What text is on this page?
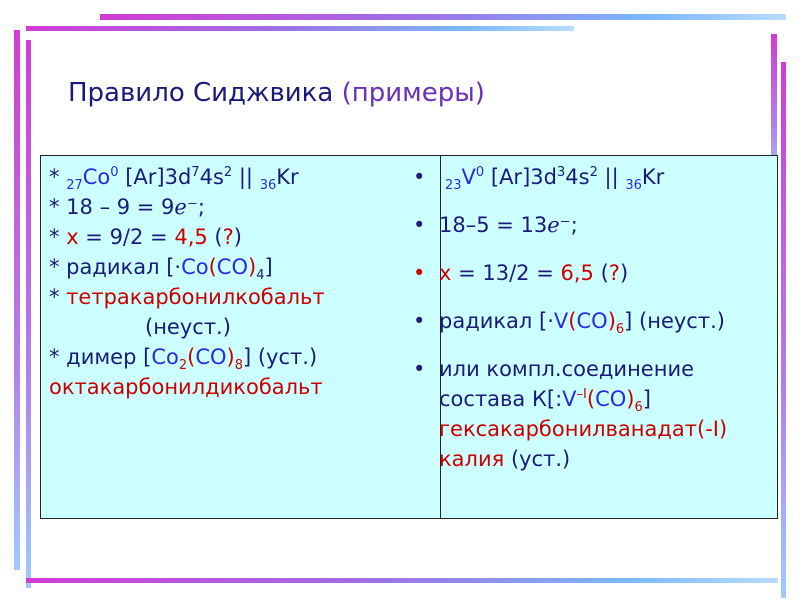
Правило Сиджвика (примеры)
* $_{27}Co^0$ $[Ar]3d^74s^2$ || $_{36}$Kr
* 18 – 9 = 9ℯ⁻;
* x = 9/2 = 4,5 (?)
* радикал $[\cdot Co(CO)_4]$
* тетракарбонилкобальт
(неуст.)
* димер $[Co_2(CO)_8]$ (уст.)
октакарбонилдикобальт
• $_{23}V^0$ $[Ar]3d^34s^2$ || $_{36}$Kr
• 18–5 = 13ℯ⁻;
• x = 13/2 = 6,5 (?)
• радикал $[\cdot V(CO)_6]$ (неуст.)
• или компл.соединение
состава $К[:V^{-I}(CO)_6]$
гексакарбонилванадат(-I)
калия (уст.)
